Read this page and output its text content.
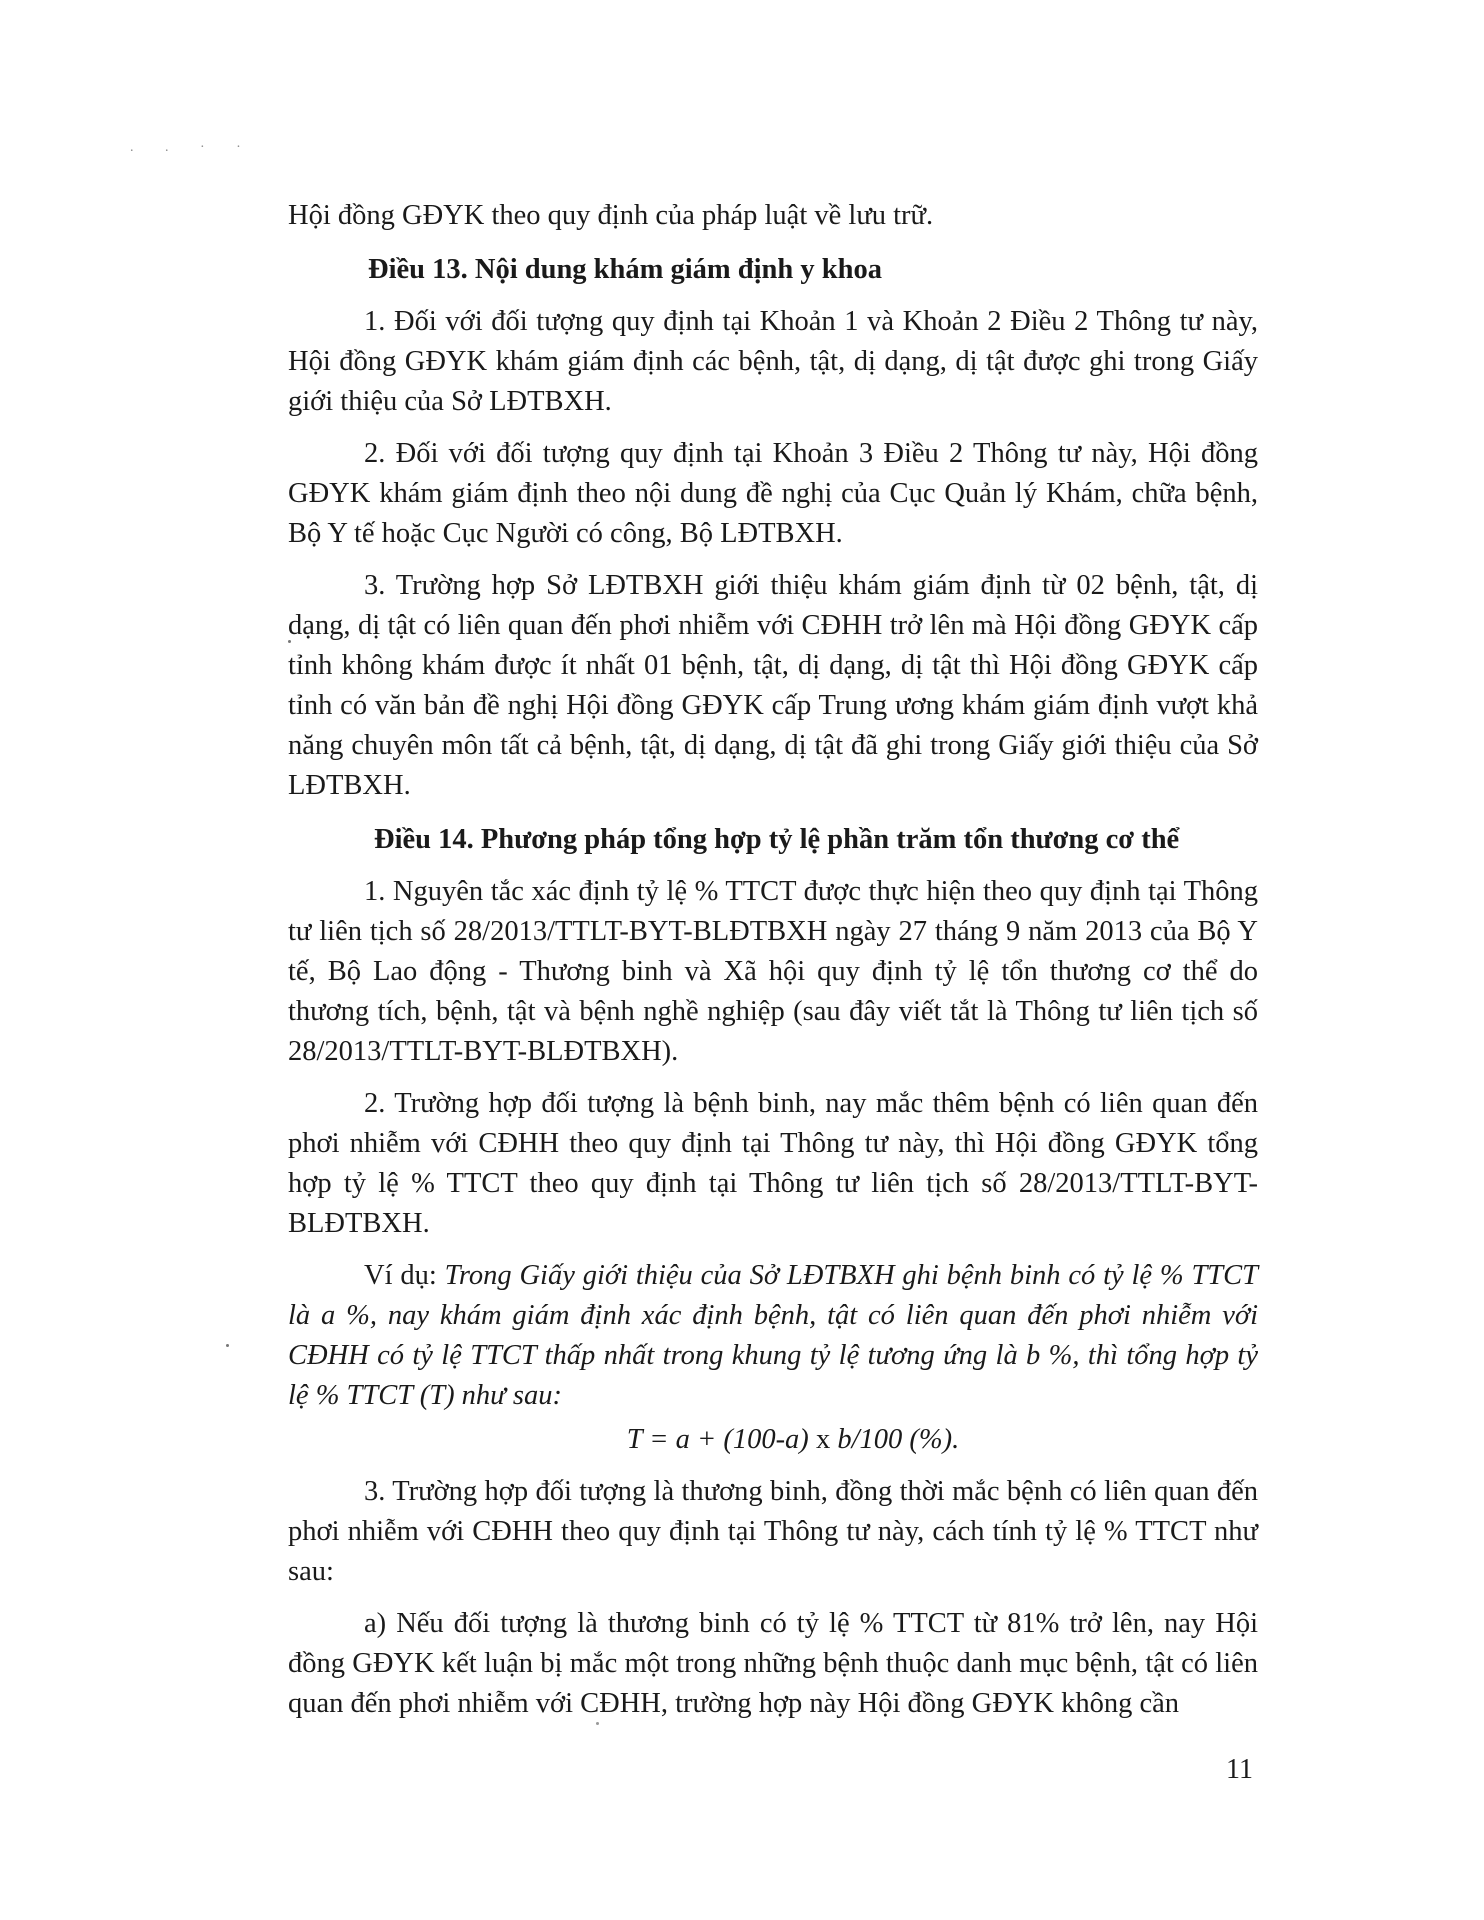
. . · ·

Hội đồng GĐYK theo quy định của pháp luật về lưu trữ.

Điều 13. Nội dung khám giám định y khoa

1. Đối với đối tượng quy định tại Khoản 1 và Khoản 2 Điều 2 Thông tư này, Hội đồng GĐYK khám giám định các bệnh, tật, dị dạng, dị tật được ghi trong Giấy giới thiệu của Sở LĐTBXH.

2. Đối với đối tượng quy định tại Khoản 3 Điều 2 Thông tư này, Hội đồng GĐYK khám giám định theo nội dung đề nghị của Cục Quản lý Khám, chữa bệnh, Bộ Y tế hoặc Cục Người có công, Bộ LĐTBXH.

3. Trường hợp Sở LĐTBXH giới thiệu khám giám định từ 02 bệnh, tật, dị dạng, dị tật có liên quan đến phơi nhiễm với CĐHH trở lên mà Hội đồng GĐYK cấp tỉnh không khám được ít nhất 01 bệnh, tật, dị dạng, dị tật thì Hội đồng GĐYK cấp tỉnh có văn bản đề nghị Hội đồng GĐYK cấp Trung ương khám giám định vượt khả năng chuyên môn tất cả bệnh, tật, dị dạng, dị tật đã ghi trong Giấy giới thiệu của Sở LĐTBXH.

Điều 14. Phương pháp tổng hợp tỷ lệ phần trăm tổn thương cơ thể

1. Nguyên tắc xác định tỷ lệ % TTCT được thực hiện theo quy định tại Thông tư liên tịch số 28/2013/TTLT-BYT-BLĐTBXH ngày 27 tháng 9 năm 2013 của Bộ Y tế, Bộ Lao động - Thương binh và Xã hội quy định tỷ lệ tổn thương cơ thể do thương tích, bệnh, tật và bệnh nghề nghiệp (sau đây viết tắt là Thông tư liên tịch số 28/2013/TTLT-BYT-BLĐTBXH).

2. Trường hợp đối tượng là bệnh binh, nay mắc thêm bệnh có liên quan đến phơi nhiễm với CĐHH theo quy định tại Thông tư này, thì Hội đồng GĐYK tổng hợp tỷ lệ % TTCT theo quy định tại Thông tư liên tịch số 28/2013/TTLT-BYT-BLĐTBXH.

Ví dụ: Trong Giấy giới thiệu của Sở LĐTBXH ghi bệnh binh có tỷ lệ % TTCT là a %, nay khám giám định xác định bệnh, tật có liên quan đến phơi nhiễm với CĐHH có tỷ lệ TTCT thấp nhất trong khung tỷ lệ tương ứng là b %, thì tổng hợp tỷ lệ % TTCT (T) như sau:

T = a + (100-a) x b/100 (%).

3. Trường hợp đối tượng là thương binh, đồng thời mắc bệnh có liên quan đến phơi nhiễm với CĐHH theo quy định tại Thông tư này, cách tính tỷ lệ % TTCT như sau:

a) Nếu đối tượng là thương binh có tỷ lệ % TTCT từ 81% trở lên, nay Hội đồng GĐYK kết luận bị mắc một trong những bệnh thuộc danh mục bệnh, tật có liên quan đến phơi nhiễm với CĐHH, trường hợp này Hội đồng GĐYK không cần

11
